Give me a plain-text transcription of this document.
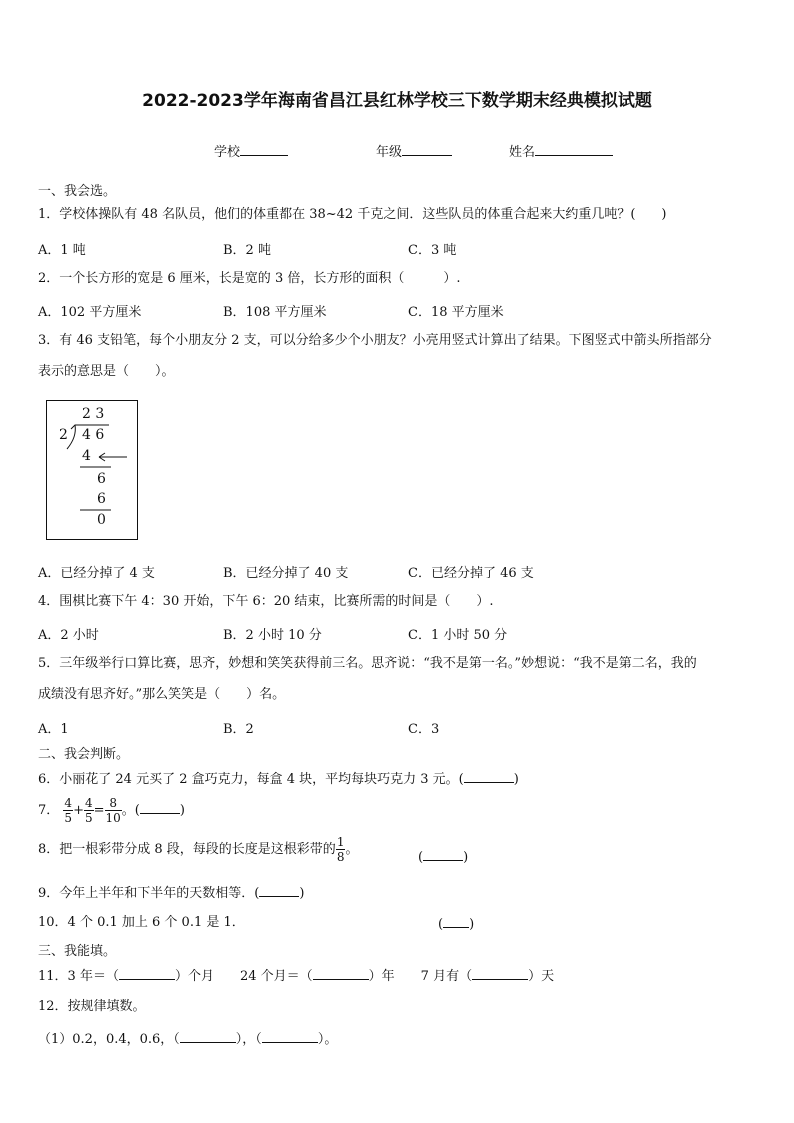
2022-2023学年海南省昌江县红林学校三下数学期末经典模拟试题
学校	年级	姓名
一、我会选。
1．学校体操队有 48 名队员，他们的体重都在 38~42 千克之间．这些队员的体重合起来大约重几吨？(　　)
A．1 吨	B．2 吨	C．3 吨
2．一个长方形的宽是 6 厘米，长是宽的 3 倍，长方形的面积（　　　）.
A．102 平方厘米	B．108 平方厘米	C．18 平方厘米
3．有 46 支铅笔，每个小朋友分 2 支，可以分给多少个小朋友？小亮用竖式计算出了结果。下图竖式中箭头所指部分
表示的意思是（　　）。
2 3
2 4 6
4
6
6
0
A．已经分掉了 4 支	B．已经分掉了 40 支	C．已经分掉了 46 支
4．围棋比赛下午 4：30 开始，下午 6：20 结束，比赛所需的时间是（　　）.
A．2 小时	B．2 小时 10 分	C．1 小时 50 分
5．三年级举行口算比赛，思齐，妙想和笑笑获得前三名。思齐说：“我不是第一名。”妙想说：“我不是第二名，我的
成绩没有思齐好。”那么笑笑是（　　）名。
A．1	B．2	C．3
二、我会判断。
6．小丽花了 24 元买了 2 盒巧克力，每盒 4 块，平均每块巧克力 3 元。(	)
7． $\frac{4}{5} + \frac{4}{5} = \frac{8}{10}$ 。(	)
8．把一根彩带分成 8 段，每段的长度是这根彩带的 $\frac{1}{8}$ 。
(	)
9．今年上半年和下半年的天数相等．(	)
10．4 个 0.1 加上 6 个 0.1 是 1．	( )
三、我能填。
11．3 年＝（	）个月 24 个月＝（	）年 7 月有（	）天
12．按规律填数。
（1）0.2，0.4，0.6，（	），（	）。
